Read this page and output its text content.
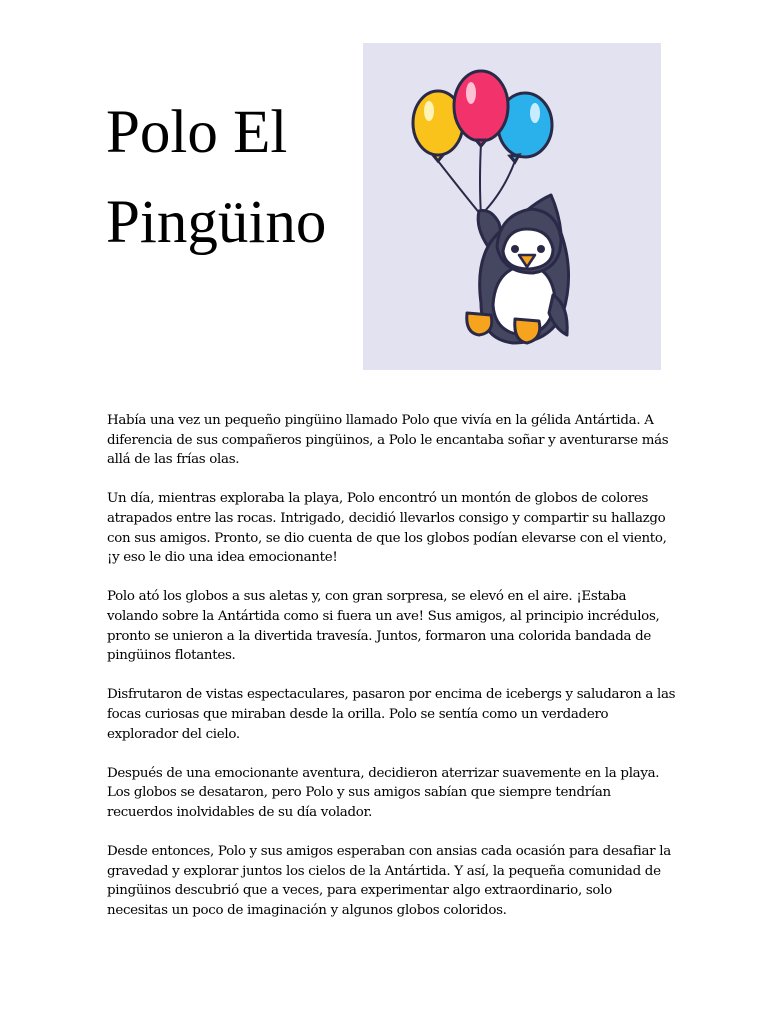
Polo El
Pingüino

Había una vez un pequeño pingüino llamado Polo que vivía en la gélida Antártida. A
diferencia de sus compañeros pingüinos, a Polo le encantaba soñar y aventurarse más
allá de las frías olas.

Un día, mientras exploraba la playa, Polo encontró un montón de globos de colores
atrapados entre las rocas. Intrigado, decidió llevarlos consigo y compartir su hallazgo
con sus amigos. Pronto, se dio cuenta de que los globos podían elevarse con el viento,
¡y eso le dio una idea emocionante!

Polo ató los globos a sus aletas y, con gran sorpresa, se elevó en el aire. ¡Estaba
volando sobre la Antártida como si fuera un ave! Sus amigos, al principio incrédulos,
pronto se unieron a la divertida travesía. Juntos, formaron una colorida bandada de
pingüinos flotantes.

Disfrutaron de vistas espectaculares, pasaron por encima de icebergs y saludaron a las
focas curiosas que miraban desde la orilla. Polo se sentía como un verdadero
explorador del cielo.

Después de una emocionante aventura, decidieron aterrizar suavemente en la playa.
Los globos se desataron, pero Polo y sus amigos sabían que siempre tendrían
recuerdos inolvidables de su día volador.

Desde entonces, Polo y sus amigos esperaban con ansias cada ocasión para desafiar la
gravedad y explorar juntos los cielos de la Antártida. Y así, la pequeña comunidad de
pingüinos descubrió que a veces, para experimentar algo extraordinario, solo
necesitas un poco de imaginación y algunos globos coloridos.
